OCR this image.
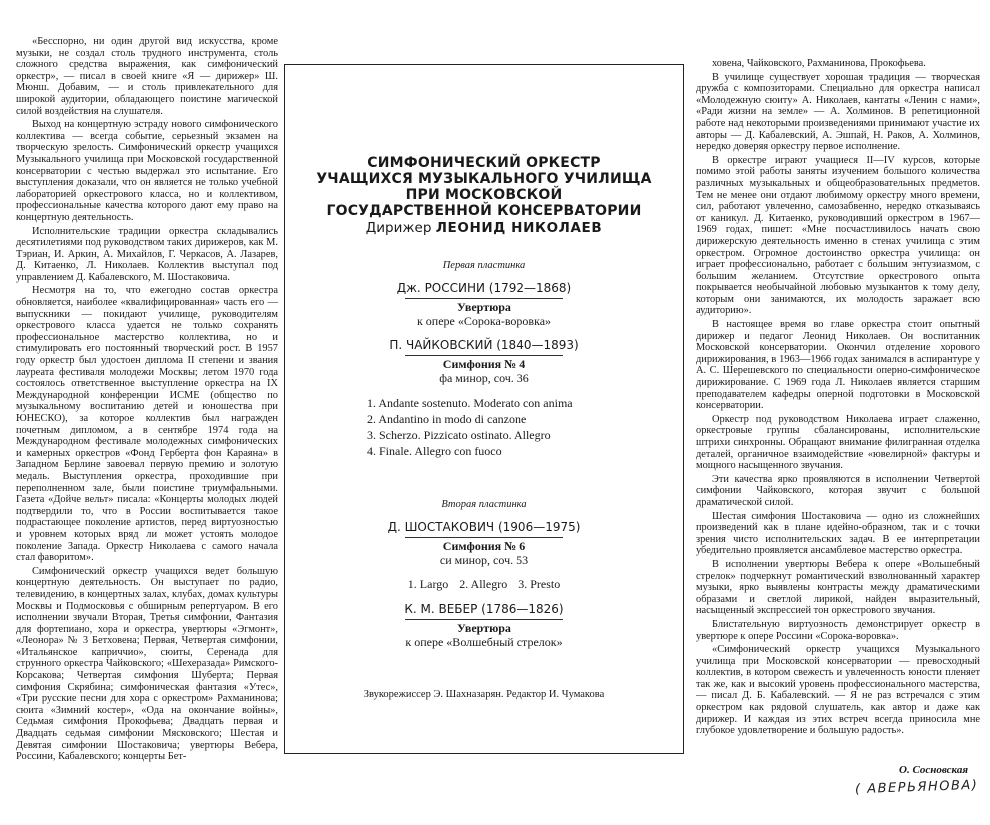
«Бесспорно, ни один другой вид искусства, кроме музыки, не создал столь трудного инструмента, столь сложного средства выражения, как симфонический оркестр», — писал в своей книге «Я — дирижер» Ш. Мюнш. Добавим, — и столь привлекательного для широкой аудитории, обладающего поистине магической силой воздействия на слушателя.

Выход на концертную эстраду нового симфонического коллектива — всегда событие, серьезный экзамен на творческую зрелость. Симфонический оркестр учащихся Музыкального училища при Московской государственной консерватории с честью выдержал это испытание. Его выступления доказали, что он является не только учебной лабораторией оркестрового класса, но и коллективом, профессиональные качества которого дают ему право на концертную деятельность.

Исполнительские традиции оркестра складывались десятилетиями под руководством таких дирижеров, как М. Тэриан, И. Аркин, А. Михайлов, Г. Черкасов, А. Лазарев, Д. Китаенко, Л. Николаев. Коллектив выступал под управлением Д. Кабалевского, М. Шостаковича.

Несмотря на то, что ежегодно состав оркестра обновляется, наиболее «квалифицированная» часть его — выпускники — покидают училище, руководителям оркестрового класса удается не только сохранять профессиональное мастерство коллектива, но и стимулировать его постоянный творческий рост. В 1957 году оркестр был удостоен диплома II степени и звания лауреата фестиваля молодежи Москвы; летом 1970 года состоялось ответственное выступление оркестра на IX Международной конференции ИСМЕ (общество по музыкальному воспитанию детей и юношества при ЮНЕСКО), за которое коллектив был награжден почетным дипломом, а в сентябре 1974 года на Международном фестивале молодежных симфонических и камерных оркестров «Фонд Герберта фон Караяна» в Западном Берлине завоевал первую премию и золотую медаль. Выступления оркестра, проходившие при переполненном зале, были поистине триумфальными. Газета «Дойче вельт» писала: «Концерты молодых людей подтвердили то, что в России воспитывается такое подрастающее поколение артистов, перед виртуозностью и уровнем которых вряд ли может устоять молодое поколение Запада. Оркестр Николаева с самого начала стал фаворитом».

Симфонический оркестр учащихся ведет большую концертную деятельность. Он выступает по радио, телевидению, в концертных залах, клубах, домах культуры Москвы и Подмосковья с обширным репертуаром. В его исполнении звучали Вторая, Третья симфонии, Фантазия для фортепиано, хора и оркестра, увертюры «Эгмонт», «Леонора» № 3 Бетховена; Первая, Четвертая симфонии, «Итальянское каприччио», сюиты, Серенада для струнного оркестра Чайковского; «Шехеразада» Римского-Корсакова; Четвертая симфония Шуберта; Первая симфония Скрябина; симфоническая фантазия «Утес», «Три русские песни для хора с оркестром» Рахманинова; сюита «Зимний костер», «Ода на окончание войны», Седьмая симфония Прокофьева; Двадцать первая и Двадцать седьмая симфонии Мясковского; Шестая и Девятая симфонии Шостаковича; увертюры Вебера, Россини, Кабалевского; концерты Бет-

СИМФОНИЧЕСКИЙ ОРКЕСТР
УЧАЩИХСЯ МУЗЫКАЛЬНОГО УЧИЛИЩА
ПРИ МОСКОВСКОЙ
ГОСУДАРСТВЕННОЙ КОНСЕРВАТОРИИ
Дирижер ЛЕОНИД НИКОЛАЕВ
Первая пластинка
Дж. РОССИНИ (1792—1868)
Увертюра
к опере «Сорока-воровка»
П. ЧАЙКОВСКИЙ (1840—1893)
Симфония № 4
фа минор, соч. 36
1. Andante sostenuto. Moderato con anima
2. Andantino in modo di canzone
3. Scherzo. Pizzicato ostinato. Allegro
4. Finale. Allegro con fuoco
Вторая пластинка
Д. ШОСТАКОВИЧ (1906—1975)
Симфония № 6
си минор, соч. 53
1. Largo 2. Allegro 3. Presto
К. М. ВЕБЕР (1786—1826)
Увертюра
к опере «Волшебный стрелок»
Звукорежиссер Э. Шахназарян. Редактор И. Чумакова

ховена, Чайковского, Рахманинова, Прокофьева.

В училище существует хорошая традиция — творческая дружба с композиторами. Специально для оркестра написал «Молодежную сюиту» А. Николаев, кантаты «Ленин с нами», «Ради жизни на земле» — А. Холминов. В репетиционной работе над некоторыми произведениями принимают участие их авторы — Д. Кабалевский, А. Эшпай, Н. Раков, А. Холминов, нередко доверяя оркестру первое исполнение.

В оркестре играют учащиеся II—IV курсов, которые помимо этой работы заняты изучением большого количества различных музыкальных и общеобразовательных предметов. Тем не менее они отдают любимому оркестру много времени, сил, работают увлеченно, самозабвенно, нередко отказываясь от каникул. Д. Китаенко, руководивший оркестром в 1967—1969 годах, пишет: «Мне посчастливилось начать свою дирижерскую деятельность именно в стенах училища с этим оркестром. Огромное достоинство оркестра училища: он играет профессионально, работает с большим энтузиазмом, с большим желанием. Отсутствие оркестрового опыта покрывается необычайной любовью музыкантов к тому делу, которым они занимаются, их молодость заражает всю аудиторию».

В настоящее время во главе оркестра стоит опытный дирижер и педагог Леонид Николаев. Он воспитанник Московской консерватории. Окончил отделение хорового дирижирования, в 1963—1966 годах занимался в аспирантуре у А. С. Шерешевского по специальности оперно-симфоническое дирижирование. С 1969 года Л. Николаев является старшим преподавателем кафедры оперной подготовки в Московской консерватории.

Оркестр под руководством Николаева играет слаженно, оркестровые группы сбалансированы, исполнительские штрихи синхронны. Обращают внимание филигранная отделка деталей, органичное взаимодействие «ювелирной» фактуры и мощного насыщенного звучания.

Эти качества ярко проявляются в исполнении Четвертой симфонии Чайковского, которая звучит с большой драматической силой.

Шестая симфония Шостаковича — одно из сложнейших произведений как в плане идейно-образном, так и с точки зрения чисто исполнительских задач. В ее интерпретации убедительно проявляется ансамблевое мастерство оркестра.

В исполнении увертюры Вебера к опере «Вольшебный стрелок» подчеркнут романтический взволнованный характер музыки, ярко выявлены контрасты между драматическими образами и светлой лирикой, найден выразительный, насыщенный экспрессией тон оркестрового звучания.

Блистательную виртуозность демонстрирует оркестр в увертюре к опере Россини «Сорока-воровка».

«Симфонический оркестр учащихся Музыкального училища при Московской консерватории — превосходный коллектив, в котором свежесть и увлеченность юности пленяет так же, как и высокий уровень профессионального мастерства, — писал Д. Б. Кабалевский. — Я не раз встречался с этим оркестром как рядовой слушатель, как автор и даже как дирижер. И каждая из этих встреч всегда приносила мне глубокое удовлетворение и большую радость».

О. Сосновская
( АВЕРЬЯНОВА)
